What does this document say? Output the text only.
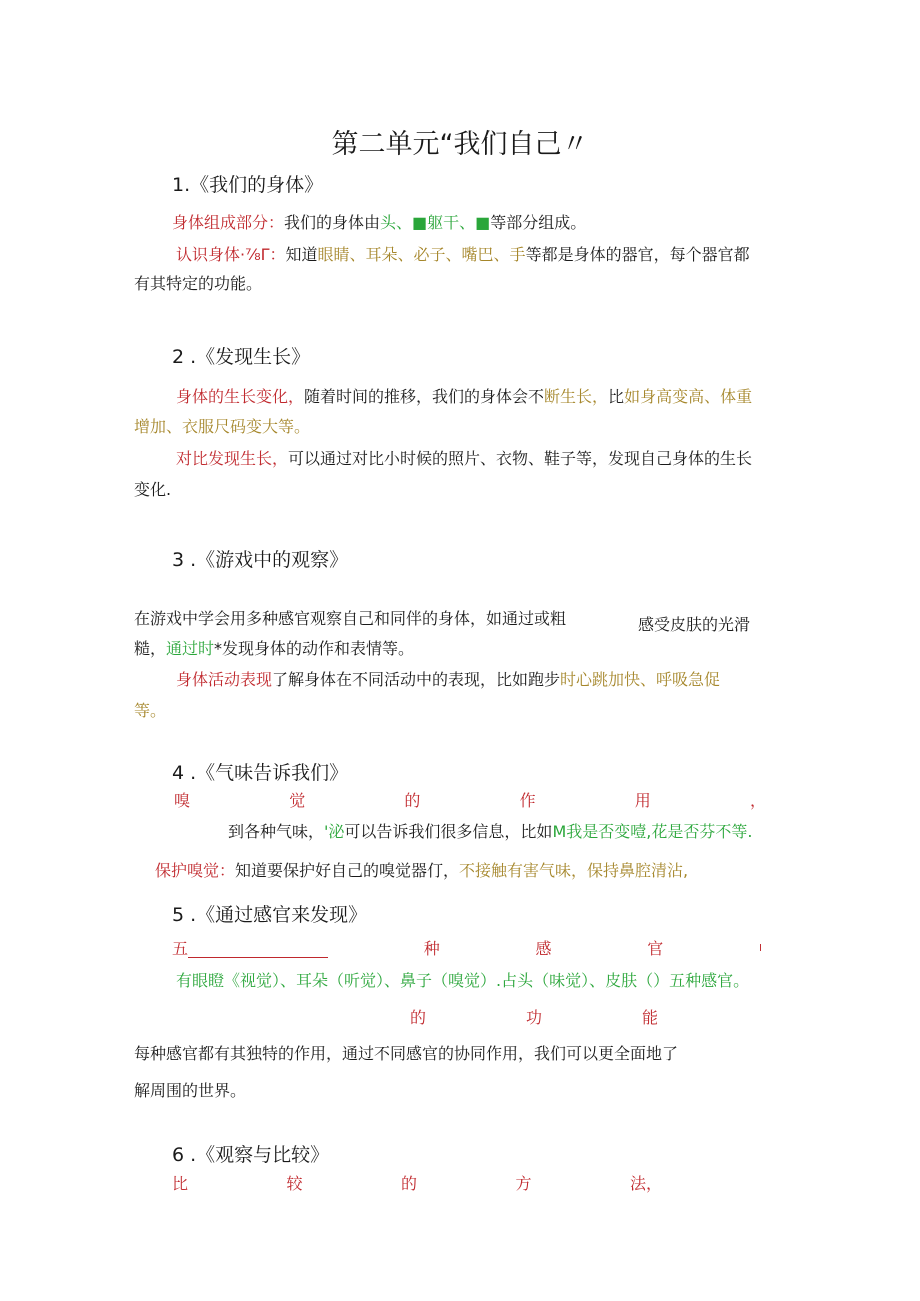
第二单元“我们自己〃
1.《我们的身体》
身体组成部分：我们的身体由头、■躯干、■等部分组成。
认识身体·⅞Γ：知道眼睛、耳朵、必子、嘴巴、手等都是身体的器官，每个器官都
有其特定的功能。
2 .《发现生长》
身体的生长变化，随着时间的推移，我们的身体会不断生长，比如身高变高、体重
增加、衣服尺码变大等。
对比发现生长，可以通过对比小时候的照片、衣物、鞋子等，发现自己身体的生长
变化.
3 .《游戏中的观察》
在游戏中学会用多种感官观察自己和同伴的身体，如通过或粗	感受皮肤的光滑
糙，通过时*发现身体的动作和表情等。
身体活动表现了解身体在不同活动中的表现，比如跑步时心跳加快、呼吸急促
等。
4 .《气味告诉我们》
嗅	觉	的	作	用	，
到各种气味，'泌可以告诉我们很多信息，比如M我是否变噎,花是否芬不等.
保护嗅觉：知道要保护好自己的嗅觉器仃，不接触有害气味，保持鼻腔清沾,
5 .《通过感官来发现》
五	种	感	官	I
有眼瞪《视觉）、耳朵（听觉）、鼻子（嗅觉）.占头（味觉）、皮肤（）五种感官。
的	功	能
每种感官都有其独特的作用，通过不同感官的协同作用，我们可以更全面地了
解周围的世界。
6 .《观察与比较》
比	较	的	方	法，
